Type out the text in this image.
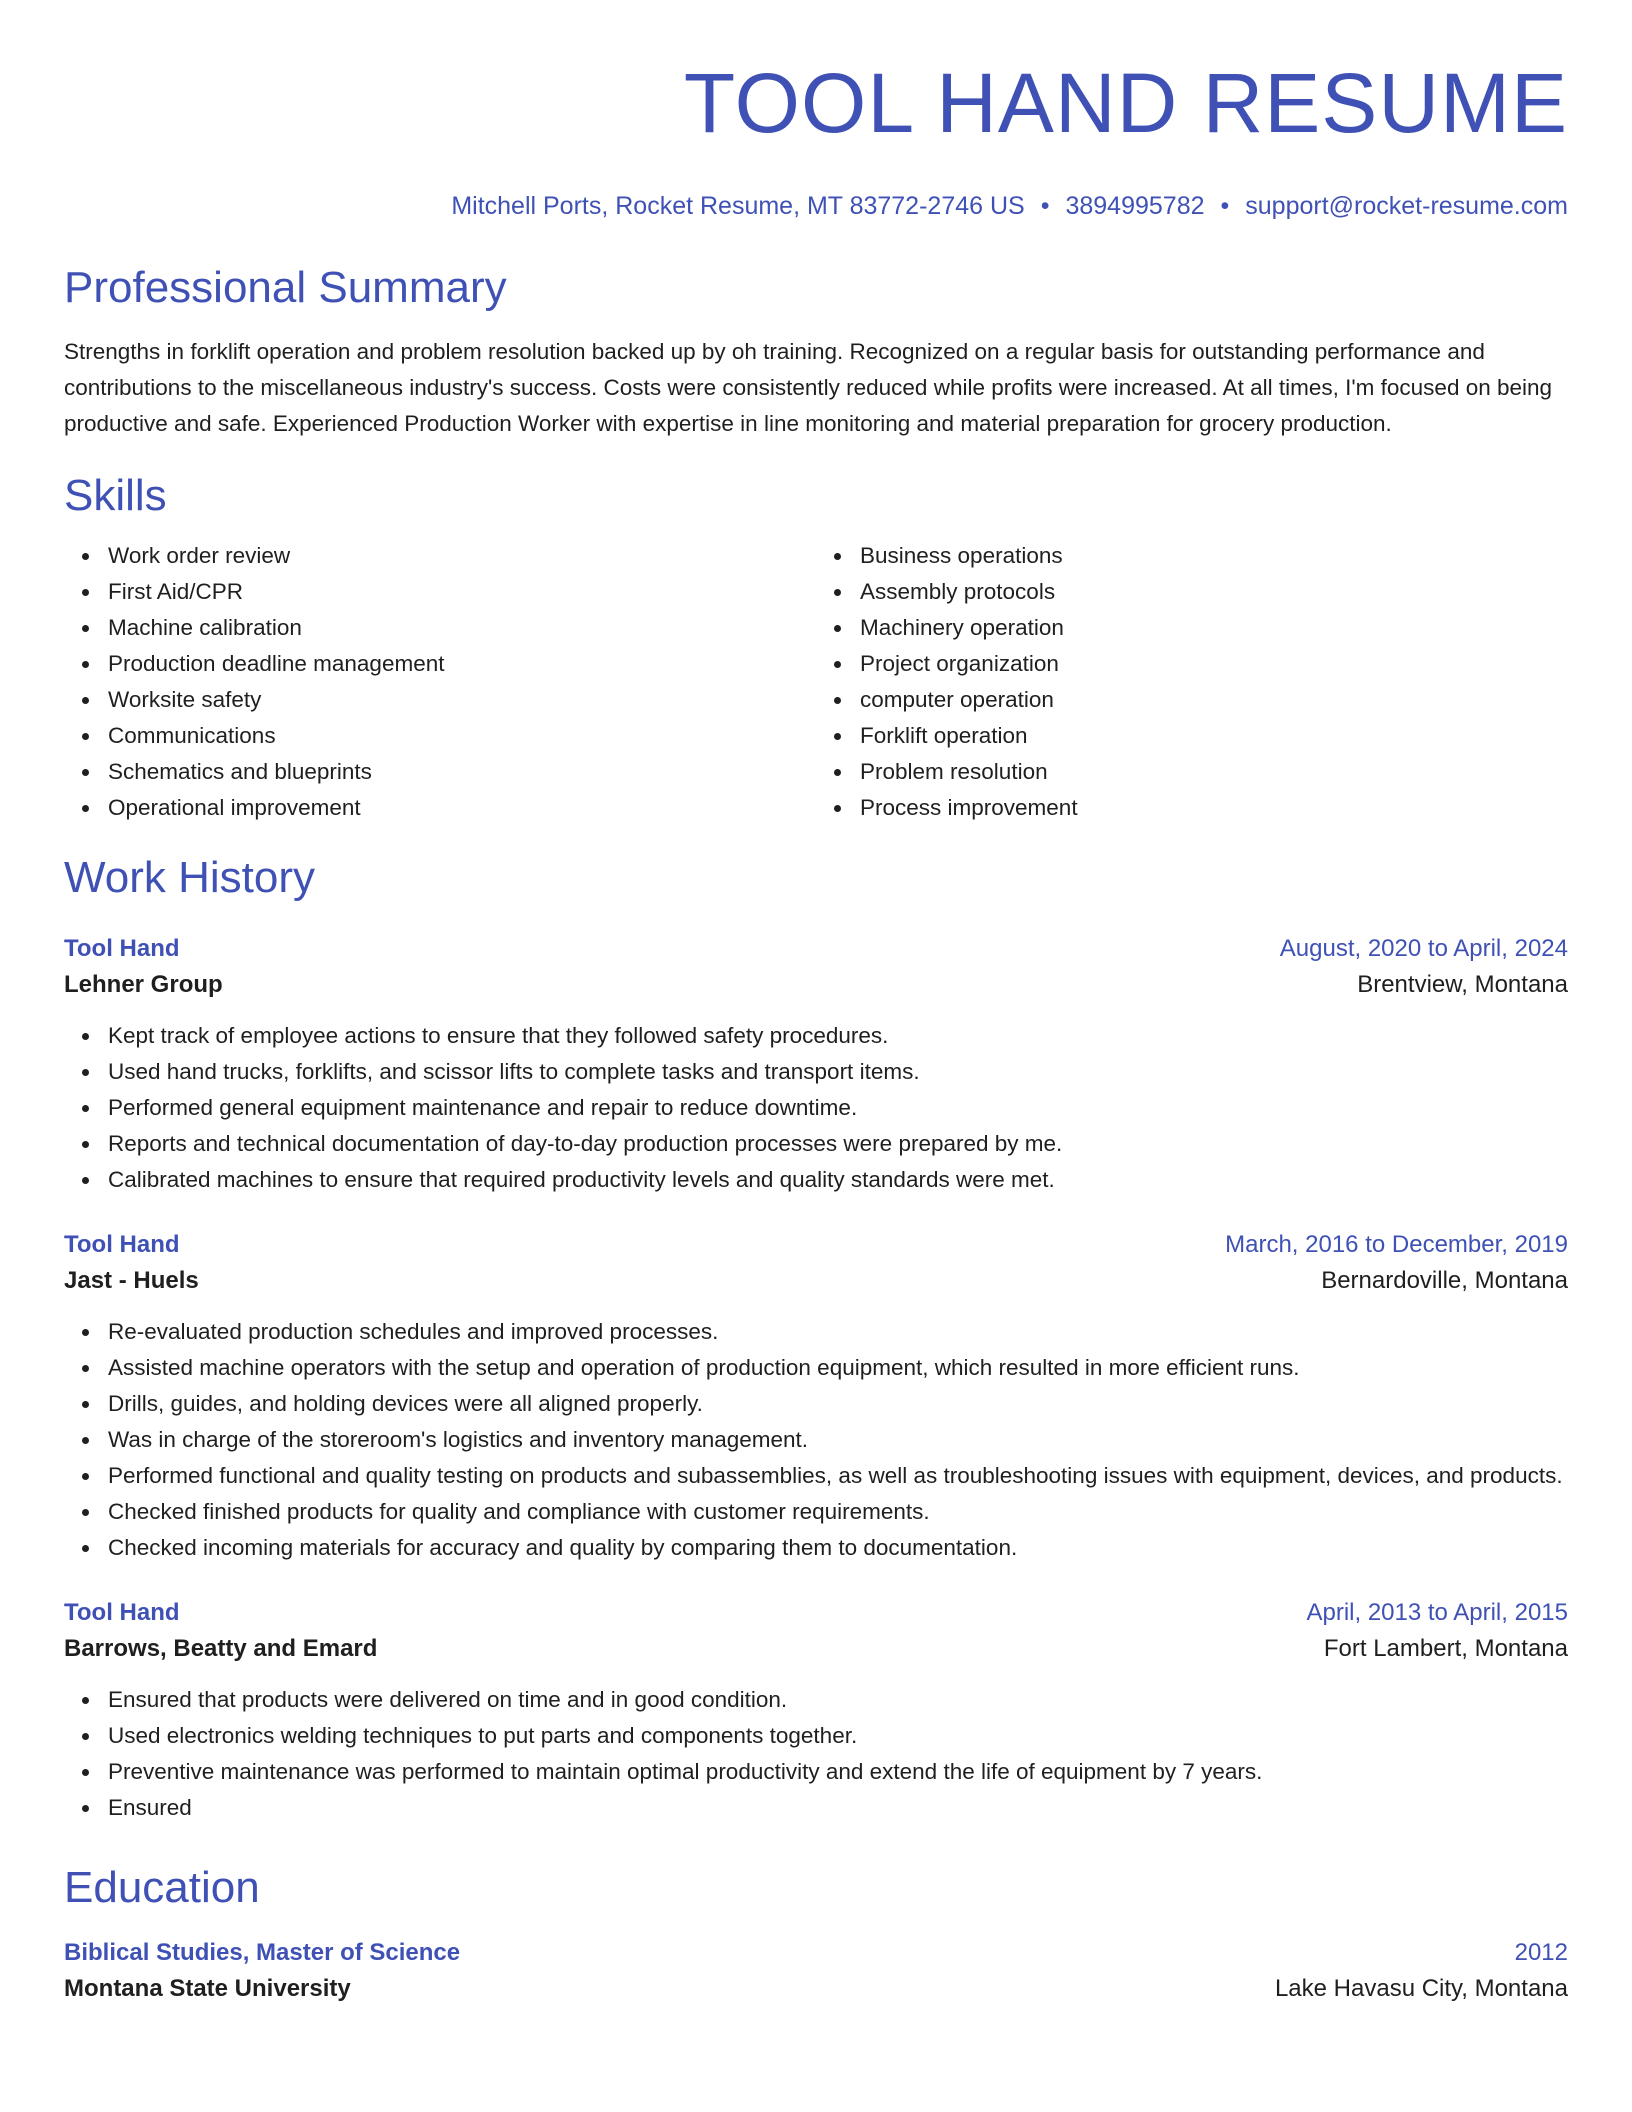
TOOL HAND RESUME
Mitchell Ports, Rocket Resume, MT 83772-2746 US • 3894995782 • support@rocket-resume.com
Professional Summary

Strengths in forklift operation and problem resolution backed up by oh training. Recognized on a regular basis for outstanding performance and contributions to the miscellaneous industry's success. Costs were consistently reduced while profits were increased. At all times, I'm focused on being productive and safe. Experienced Production Worker with expertise in line monitoring and material preparation for grocery production.

Skills
Work order review
First Aid/CPR
Machine calibration
Production deadline management
Worksite safety
Communications
Schematics and blueprints
Operational improvement
Business operations
Assembly protocols
Machinery operation
Project organization
computer operation
Forklift operation
Problem resolution
Process improvement
Work History
Tool Hand	August, 2020 to April, 2024
Lehner Group	Brentview, Montana
Kept track of employee actions to ensure that they followed safety procedures.
Used hand trucks, forklifts, and scissor lifts to complete tasks and transport items.
Performed general equipment maintenance and repair to reduce downtime.
Reports and technical documentation of day-to-day production processes were prepared by me.
Calibrated machines to ensure that required productivity levels and quality standards were met.
Tool Hand	March, 2016 to December, 2019
Jast - Huels	Bernardoville, Montana
Re-evaluated production schedules and improved processes.
Assisted machine operators with the setup and operation of production equipment, which resulted in more efficient runs.
Drills, guides, and holding devices were all aligned properly.
Was in charge of the storeroom's logistics and inventory management.
Performed functional and quality testing on products and subassemblies, as well as troubleshooting issues with equipment, devices, and products.
Checked finished products for quality and compliance with customer requirements.
Checked incoming materials for accuracy and quality by comparing them to documentation.
Tool Hand	April, 2013 to April, 2015
Barrows, Beatty and Emard	Fort Lambert, Montana
Ensured that products were delivered on time and in good condition.
Used electronics welding techniques to put parts and components together.
Preventive maintenance was performed to maintain optimal productivity and extend the life of equipment by 7 years.
Ensured
Education
Biblical Studies, Master of Science	2012
Montana State University	Lake Havasu City, Montana
